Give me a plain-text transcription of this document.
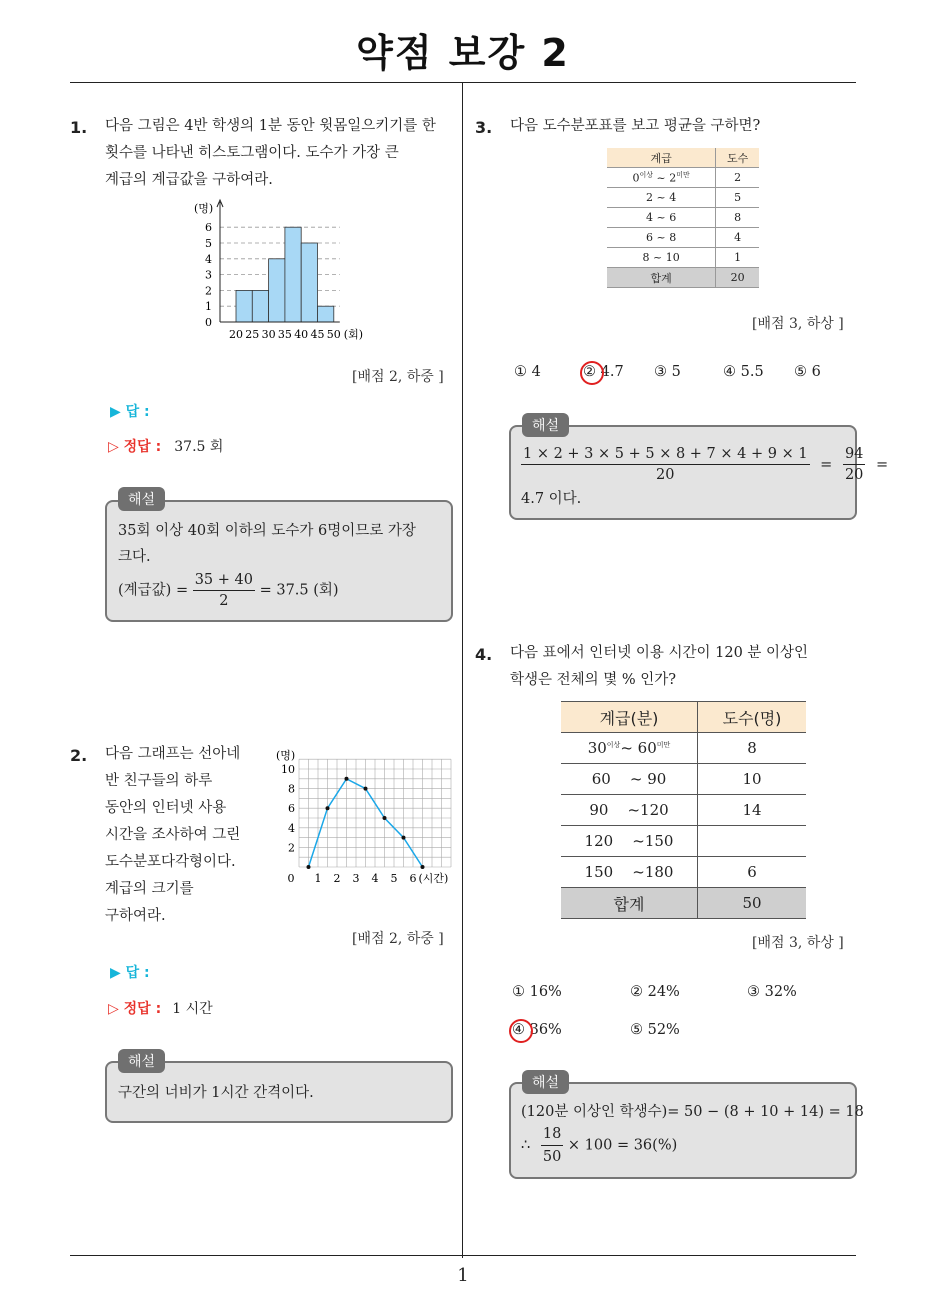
약점 보강 2
1
1. 다음 그림은 4반 학생의 1분 동안 윗몸일으키기를 한
횟수를 나타낸 히스토그램이다. 도수가 가장 큰
계급의 계급값을 구하여라.
0
1
2
3
4
5
6
(명)
20 25 30 35 40 45 50 (회)
[배점 2, 하중 ]
▶ 답 :
▷ 정답 : 37.5 회
해설
35회 이상 40회 이하의 도수가 6명이므로 가장
크다.
(계급값) = $\frac{35 + 40}{2} = 37.5$ (회)
2. 다음 그래프는 선아네
반 친구들의 하루
동안의 인터넷 사용
시간을 조사하여 그린
도수분포다각형이다.
계급의 크기를
구하여라.
2
4
6
8
10
0 1 2 3 4 5 6
(명)
(시간)
[배점 2, 하중 ]
▶ 답 :
▷ 정답 : 1 시간
해설
구간의 너비가 1시간 간격이다.
3. 다음 도수분포표를 보고 평균을 구하면?
계급	도수
$0^{이상}$ ~ $2^{미만}$	2
2 ~ 4	5
4 ~ 6	8
6 ~ 8	4
8 ~ 10	1
합계	20
[배점 3, 하상 ]
① 4	② 4.7 ③ 5	④ 5.5 ⑤ 6
해설
$\frac{1 \times 2 + 3 \times 5 + 5 \times 8 + 7 \times 4 + 9 \times 1}{20} = \frac{94}{20}$ =
4.7 이다.
4. 다음 표에서 인터넷 이용 시간이 120 분 이상인
학생은 전체의 몇 % 인가?
계급(분)	도수(명)
$30^{이상}\sim$ $60^{미만}$	8
60 ~ 90	10
90 ~120	14
120 ~150	
150 ~180	6
합계	50
[배점 3, 하상 ]
① 16%	② 24%	③ 32%
④ 36%	⑤ 52%
해설
(120분 이상인 학생수)= 50 − (8 + 10 + 14) = 18
∴ $\frac{18}{50} \times 100 = 36(\%)$
